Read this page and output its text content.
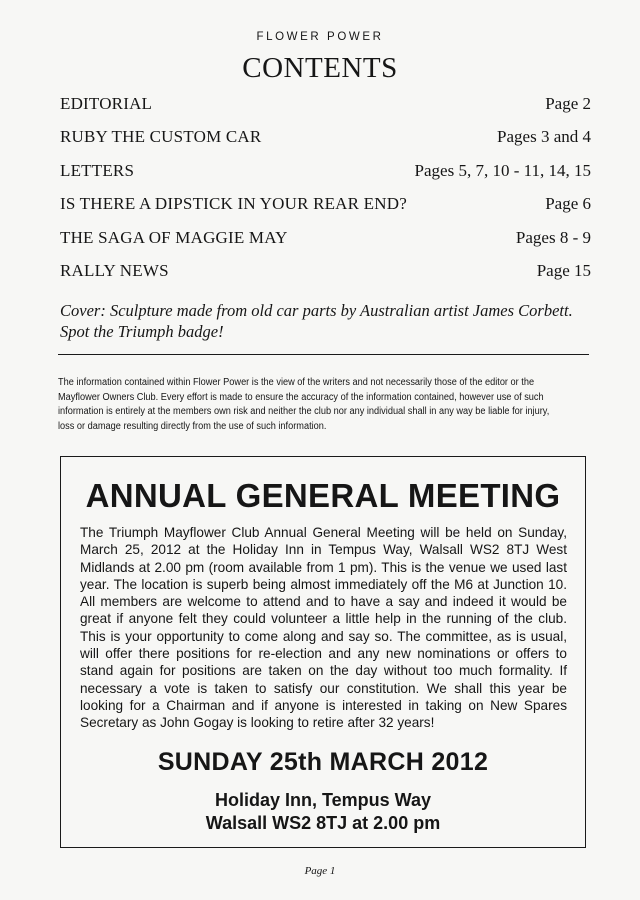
FLOWER POWER
CONTENTS
EDITORIAL	Page 2
RUBY THE CUSTOM CAR	Pages 3 and 4
LETTERS	Pages 5, 7, 10 - 11, 14, 15
IS THERE A DIPSTICK IN YOUR REAR END?	Page 6
THE SAGA OF MAGGIE MAY	Pages 8 - 9
RALLY NEWS	Page 15
Cover: Sculpture made from old car parts by Australian artist James Corbett.
Spot the Triumph badge!
The information contained within Flower Power is the view of the writers and not necessarily those of the editor or the
Mayflower Owners Club. Every effort is made to ensure the accuracy of the information contained, however use of such
information is entirely at the members own risk and neither the club nor any individual shall in any way be liable for injury,
loss or damage resulting directly from the use of such information.
ANNUAL GENERAL MEETING
The Triumph Mayflower Club Annual General Meeting will be held on Sunday, March 25, 2012 at the Holiday Inn in Tempus Way, Walsall WS2 8TJ West Midlands at 2.00 pm (room available from 1 pm). This is the venue we used last year. The location is superb being almost immediately off the M6 at Junction 10. All members are welcome to attend and to have a say and indeed it would be great if anyone felt they could volunteer a little help in the running of the club. This is your opportunity to come along and say so. The committee, as is usual, will offer there positions for re-election and any new nominations or offers to stand again for positions are taken on the day without too much formality. If necessary a vote is taken to satisfy our constitution. We shall this year be looking for a Chairman and if anyone is interested in taking on New Spares Secretary as John Gogay is looking to retire after 32 years!
SUNDAY 25th MARCH 2012
Holiday Inn, Tempus Way
Walsall WS2 8TJ at 2.00 pm
Page 1
